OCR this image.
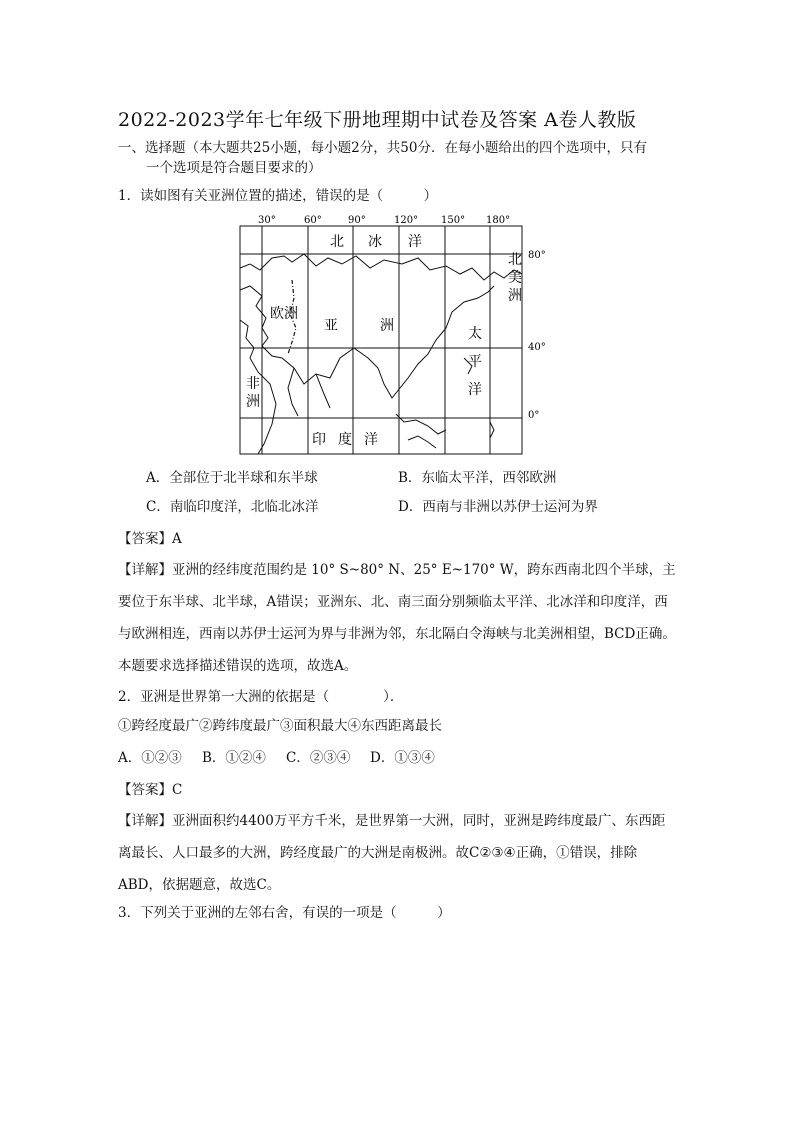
2022-2023学年七年级下册地理期中试卷及答案 A卷人教版
一、选择题（本大题共25小题，每小题2分，共50分．在每小题给出的四个选项中，只有
一个选项是符合题目要求的）
1．读如图有关亚洲位置的描述，错误的是（　　　）
30°	60°	90°	120° 150° 180°
80°
40°
0°
北 冰 洋
北
美
洲
欧洲
亚	洲	太
平
洋
非
洲
印 度 洋
A．全部位于北半球和东半球	B．东临太平洋，西邻欧洲
C．南临印度洋，北临北冰洋	D．西南与非洲以苏伊士运河为界
【答案】A
【详解】亚洲的经纬度范围约是 10° S~80° N、25° E~170° W，跨东西南北四个半球，主要位于东半球、北半球，A错误；亚洲东、北、南三面分别频临太平洋、北冰洋和印度洋，西与欧洲相连，西南以苏伊士运河为界与非洲为邻，东北隔白令海峡与北美洲相望，BCD正确。本题要求选择描述错误的选项，故选A。
2．亚洲是世界第一大洲的依据是（　　　　）．
①跨经度最广②跨纬度最广③面积最大④东西距离最长
A．①②③ B．①②④ C．②③④ D．①③④
【答案】C
【详解】亚洲面积约4400万平方千米，是世界第一大洲，同时，亚洲是跨纬度最广、东西距离最长、人口最多的大洲，跨经度最广的大洲是南极洲。故C②③④正确，①错误，排除ABD，依据题意，故选C。
3．下列关于亚洲的左邻右舍，有误的一项是（　　　）
